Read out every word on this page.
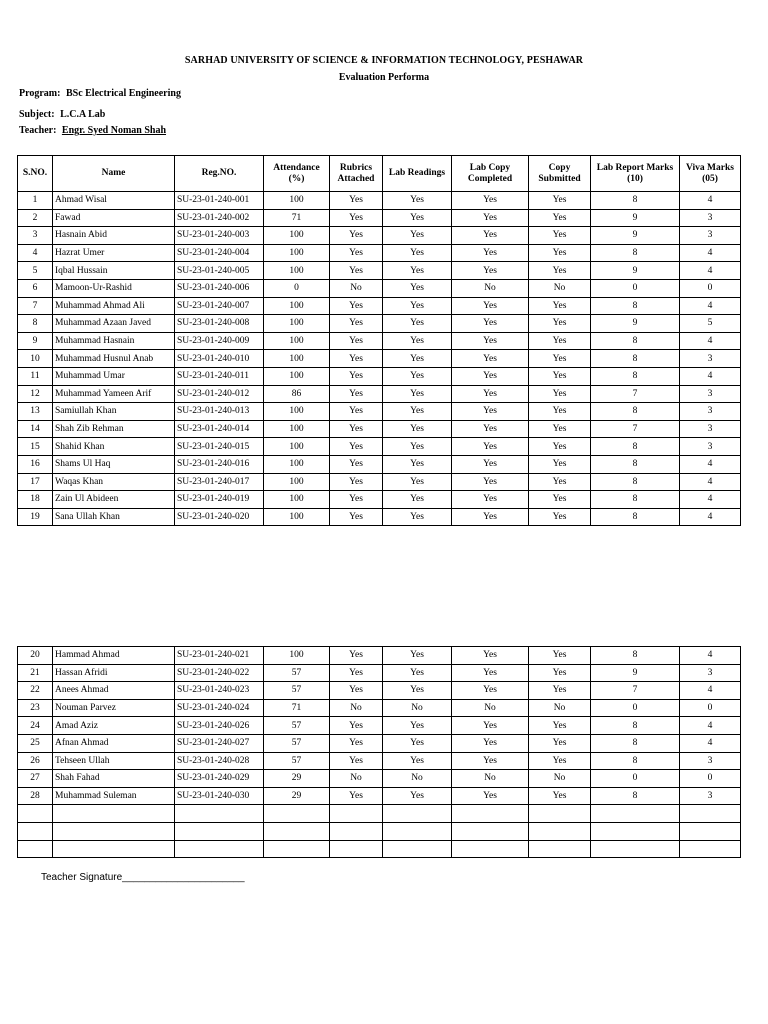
SARHAD UNIVERSITY OF SCIENCE & INFORMATION TECHNOLOGY, PESHAWAR
Evaluation Performa
Program: BSc Electrical Engineering
Subject: L.C.A Lab
Teacher: Engr. Syed Noman Shah
S.NO.	Name	Reg.NO.	Attendance (%)	Rubrics Attached	Lab Readings	Lab Copy Completed	Copy Submitted	Lab Report Marks (10)	Viva Marks (05)
1	Ahmad Wisal	SU-23-01-240-001	100	Yes	Yes	Yes	Yes	8	4
2	Fawad	SU-23-01-240-002	71	Yes	Yes	Yes	Yes	9	3
3	Hasnain Abid	SU-23-01-240-003	100	Yes	Yes	Yes	Yes	9	3
4	Hazrat Umer	SU-23-01-240-004	100	Yes	Yes	Yes	Yes	8	4
5	Iqbal Hussain	SU-23-01-240-005	100	Yes	Yes	Yes	Yes	9	4
6	Mamoon-Ur-Rashid	SU-23-01-240-006	0	No	Yes	No	No	0	0
7	Muhammad Ahmad Ali	SU-23-01-240-007	100	Yes	Yes	Yes	Yes	8	4
8	Muhammad Azaan Javed	SU-23-01-240-008	100	Yes	Yes	Yes	Yes	9	5
9	Muhammad Hasnain	SU-23-01-240-009	100	Yes	Yes	Yes	Yes	8	4
10	Muhammad Husnul Anab	SU-23-01-240-010	100	Yes	Yes	Yes	Yes	8	3
11	Muhammad Umar	SU-23-01-240-011	100	Yes	Yes	Yes	Yes	8	4
12	Muhammad Yameen Arif	SU-23-01-240-012	86	Yes	Yes	Yes	Yes	7	3
13	Samiullah Khan	SU-23-01-240-013	100	Yes	Yes	Yes	Yes	8	3
14	Shah Zib Rehman	SU-23-01-240-014	100	Yes	Yes	Yes	Yes	7	3
15	Shahid Khan	SU-23-01-240-015	100	Yes	Yes	Yes	Yes	8	3
16	Shams Ul Haq	SU-23-01-240-016	100	Yes	Yes	Yes	Yes	8	4
17	Waqas Khan	SU-23-01-240-017	100	Yes	Yes	Yes	Yes	8	4
18	Zain Ul Abideen	SU-23-01-240-019	100	Yes	Yes	Yes	Yes	8	4
19	Sana Ullah Khan	SU-23-01-240-020	100	Yes	Yes	Yes	Yes	8	4
20	Hammad Ahmad	SU-23-01-240-021	100	Yes	Yes	Yes	Yes	8	4
21	Hassan Afridi	SU-23-01-240-022	57	Yes	Yes	Yes	Yes	9	3
22	Anees Ahmad	SU-23-01-240-023	57	Yes	Yes	Yes	Yes	7	4
23	Nouman Parvez	SU-23-01-240-024	71	No	No	No	No	0	0
24	Amad Aziz	SU-23-01-240-026	57	Yes	Yes	Yes	Yes	8	4
25	Afnan Ahmad	SU-23-01-240-027	57	Yes	Yes	Yes	Yes	8	4
26	Tehseen Ullah	SU-23-01-240-028	57	Yes	Yes	Yes	Yes	8	3
27	Shah Fahad	SU-23-01-240-029	29	No	No	No	No	0	0
28	Muhammad Suleman	SU-23-01-240-030	29	Yes	Yes	Yes	Yes	8	3

Teacher Signature______________________
